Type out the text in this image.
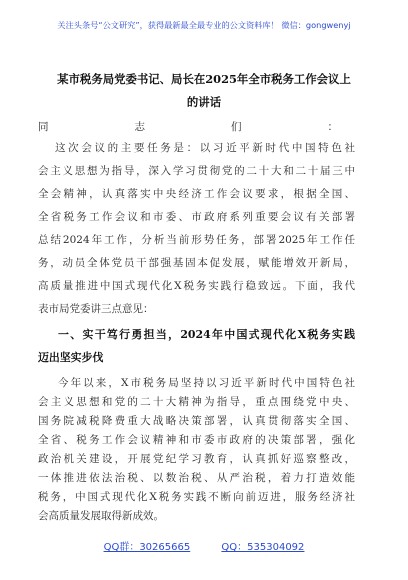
关注头条号“公文研究”，获得最新最全最专业的公文资料库！ 微信：gongwenyj
某市税务局党委书记、局长在2025年全市税务工作会议上
的讲话
同志们：
这次会议的主要任务是：以习近平新时代中国特色社
会主义思想为指导，深入学习贯彻党的二十大和二十届三中
全会精神，认真落实中央经济工作会议要求，根据全国、
全省税务工作会议和市委、市政府系列重要会议有关部署
总结2024年工作，分析当前形势任务，部署2025年工作任
务，动员全体党员干部强基固本促发展，赋能增效开新局，
高质量推进中国式现代化X税务实践行稳致远。下面，我代
表市局党委讲三点意见：
一、实干笃行勇担当，2024年中国式现代化X税务实践
迈出坚实步伐
今年以来，X市税务局坚持以习近平新时代中国特色社
会主义思想和党的二十大精神为指导，重点围绕党中央、
国务院减税降费重大战略决策部署，认真贯彻落实全国、
全省、税务工作会议精神和市委市政府的决策部署，强化
政治机关建设，开展党纪学习教育，认真抓好巡察整改，
一体推进依法治税、以数治税、从严治税，着力打造效能
税务，中国式现代化X税务实践不断向前迈进，服务经济社
会高质量发展取得新成效。
QQ群：30265665	QQ：535304092
